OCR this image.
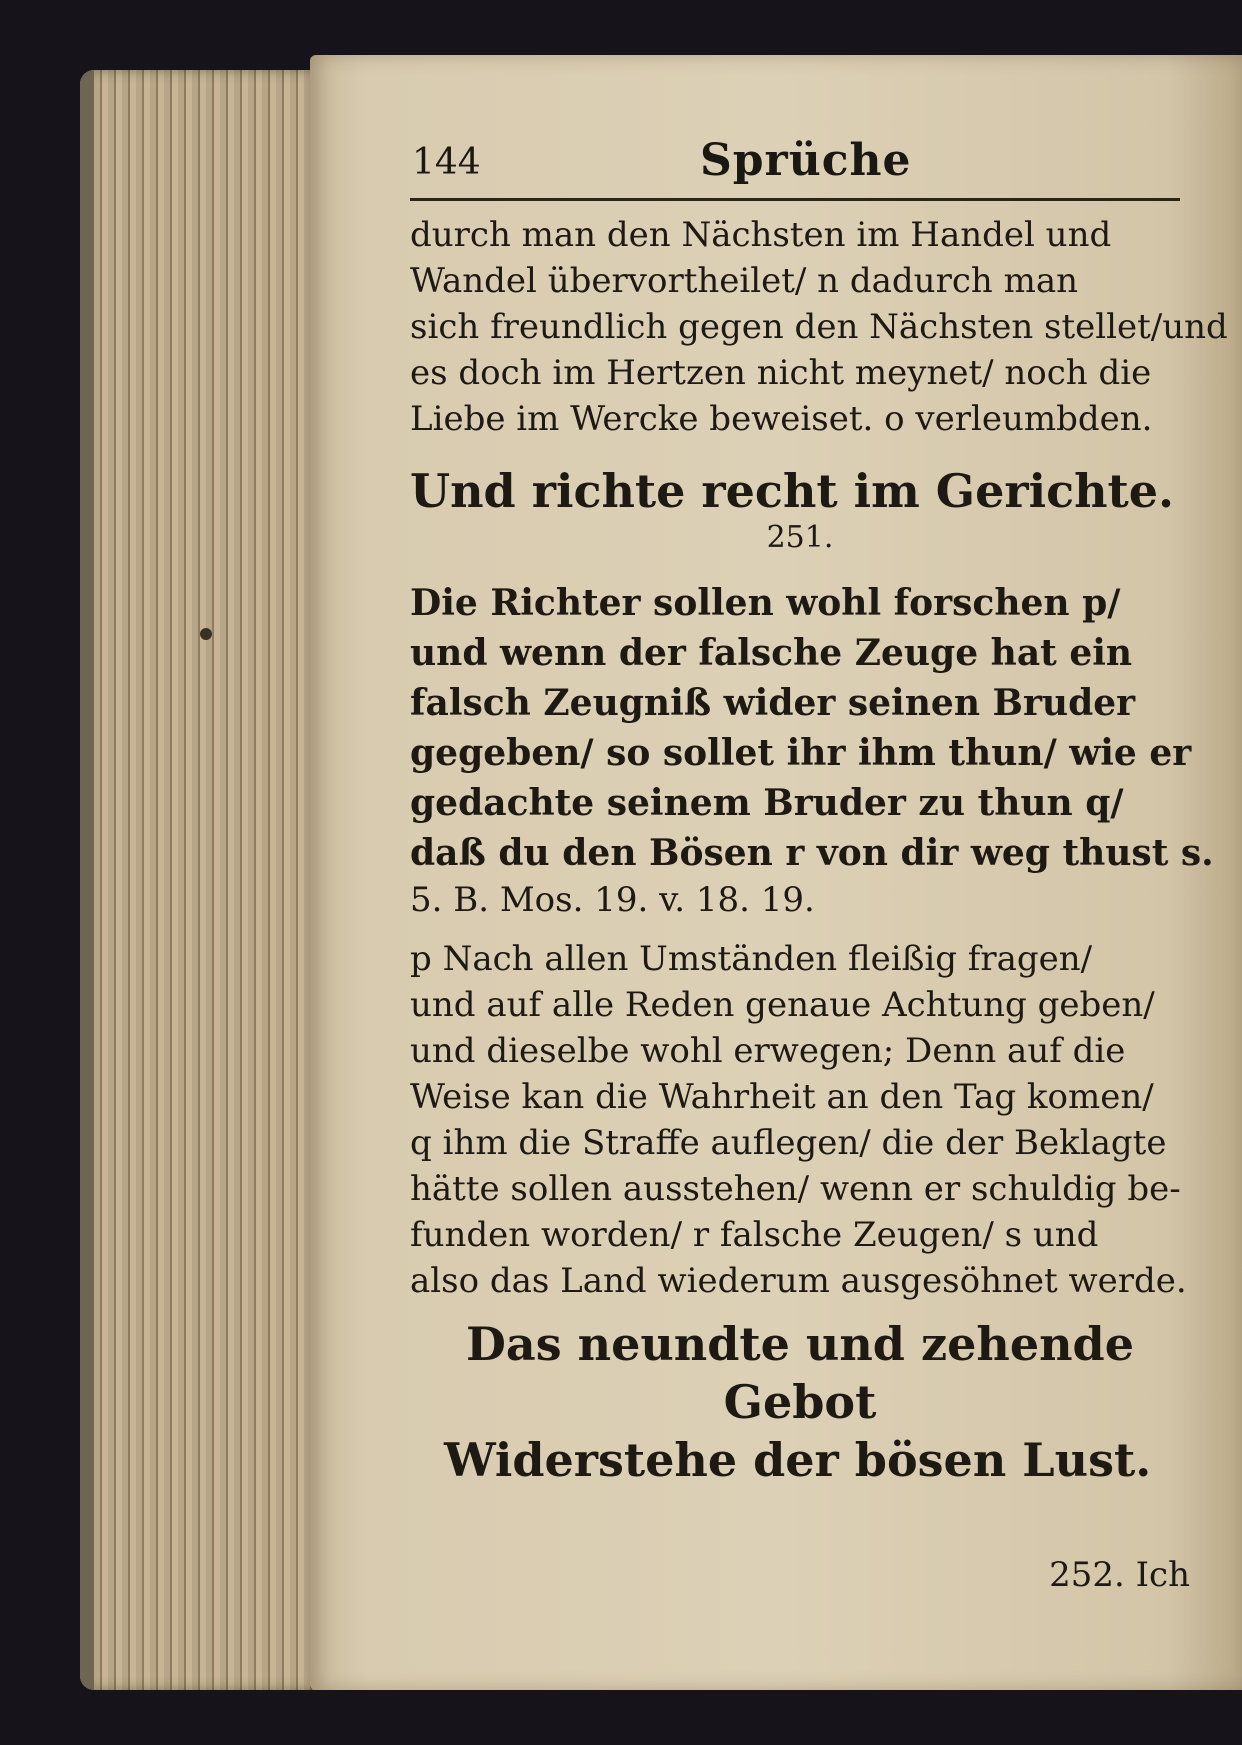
144	Sprüche
durch man den Nächsten im Handel und
Wandel übervortheilet/ n dadurch man
sich freundlich gegen den Nächsten stellet/und
es doch im Hertzen nicht meynet/ noch die
Liebe im Wercke beweiset. o verleumbden.
Und richte recht im Gerichte.
251.
Die Richter sollen wohl forschen p/
und wenn der falsche Zeuge hat ein
falsch Zeugniß wider seinen Bruder
gegeben/ so sollet ihr ihm thun/ wie er
gedachte seinem Bruder zu thun q/
daß du den Bösen r von dir weg thust s.
5. B. Mos. 19. v. 18. 19.
p Nach allen Umständen fleißig fragen/
und auf alle Reden genaue Achtung geben/
und dieselbe wohl erwegen; Denn auf die
Weise kan die Wahrheit an den Tag komen/
q ihm die Straffe auflegen/ die der Beklagte
hätte sollen ausstehen/ wenn er schuldig be-
funden worden/ r falsche Zeugen/ s und
also das Land wiederum ausgesöhnet werde.
Das neundte und zehende
Gebot
Widerstehe der bösen Lust.
252. Ich
